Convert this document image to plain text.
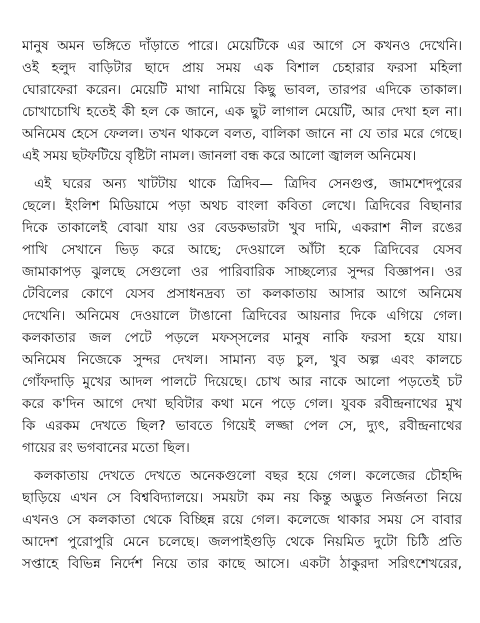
মানুষ অমন ভঙ্গিতে দাঁড়াতে পারে। মেয়েটিকে এর আগে সে কখনও দেখেনি।
ওই হলুদ বাড়িটার ছাদে প্রায় সময় এক বিশাল চেহারার ফরসা মহিলা
ঘোরাফেরা করেন। মেয়েটি মাথা নামিয়ে কিছু ভাবল, তারপর এদিকে তাকাল।
চোখাচোখি হতেই কী হল কে জানে, এক ছুট লাগাল মেয়েটি, আর দেখা হল না।
অনিমেষ হেসে ফেলল। তখন থাকলে বলত, বালিকা জানে না যে তার মরে গেছে।
এই সময় ছটফটিয়ে বৃষ্টিটা নামল। জানলা বন্ধ করে আলো জ্বালল অনিমেষ।
এই ঘরের অন্য খাটটায় থাকে ত্রিদিব— ত্রিদিব সেনগুপ্ত, জামশেদপুরের
ছেলে। ইংলিশ মিডিয়ামে পড়া অথচ বাংলা কবিতা লেখে। ত্রিদিবের বিছানার
দিকে তাকালেই বোঝা যায় ওর বেডকভারটা খুব দামি, একরাশ নীল রঙের
পাখি সেখানে ভিড় করে আছে; দেওয়ালে আঁটা হকে ত্রিদিবের যেসব
জামাকাপড় ঝুলছে সেগুলো ওর পারিবারিক সাচ্ছল্যের সুন্দর বিজ্ঞাপন। ওর
টেবিলের কোণে যেসব প্রসাধনদ্রব্য তা কলকাতায় আসার আগে অনিমেষ
দেখেনি। অনিমেষ দেওয়ালে টাঙানো ত্রিদিবের আয়নার দিকে এগিয়ে গেল।
কলকাতার জল পেটে পড়লে মফস্সলের মানুষ নাকি ফরসা হয়ে যায়।
অনিমেষ নিজেকে সুন্দর দেখল। সামান্য বড় চুল, খুব অল্প এবং কালচে
গোঁফদাড়ি মুখের আদল পালটে দিয়েছে। চোখ আর নাকে আলো পড়তেই চট
করে ক'দিন আগে দেখা ছবিটার কথা মনে পড়ে গেল। যুবক রবীন্দ্রনাথের মুখ
কি এরকম দেখতে ছিল? ভাবতে গিয়েই লজ্জা পেল সে, দ্যুৎ, রবীন্দ্রনাথের
গায়ের রং ভগবানের মতো ছিল।
কলকাতায় দেখতে দেখতে অনেকগুলো বছর হয়ে গেল। কলেজের চৌহদ্দি
ছাড়িয়ে এখন সে বিশ্ববিদ্যালয়ে। সময়টা কম নয় কিন্তু অদ্ভুত নির্জনতা নিয়ে
এখনও সে কলকাতা থেকে বিচ্ছিন্ন রয়ে গেল। কলেজে থাকার সময় সে বাবার
আদেশ পুরোপুরি মেনে চলেছে। জলপাইগুড়ি থেকে নিয়মিত দুটো চিঠি প্রতি
সপ্তাহে বিভিন্ন নির্দেশ নিয়ে তার কাছে আসে। একটা ঠাকুরদা সরিৎশেখরের,
